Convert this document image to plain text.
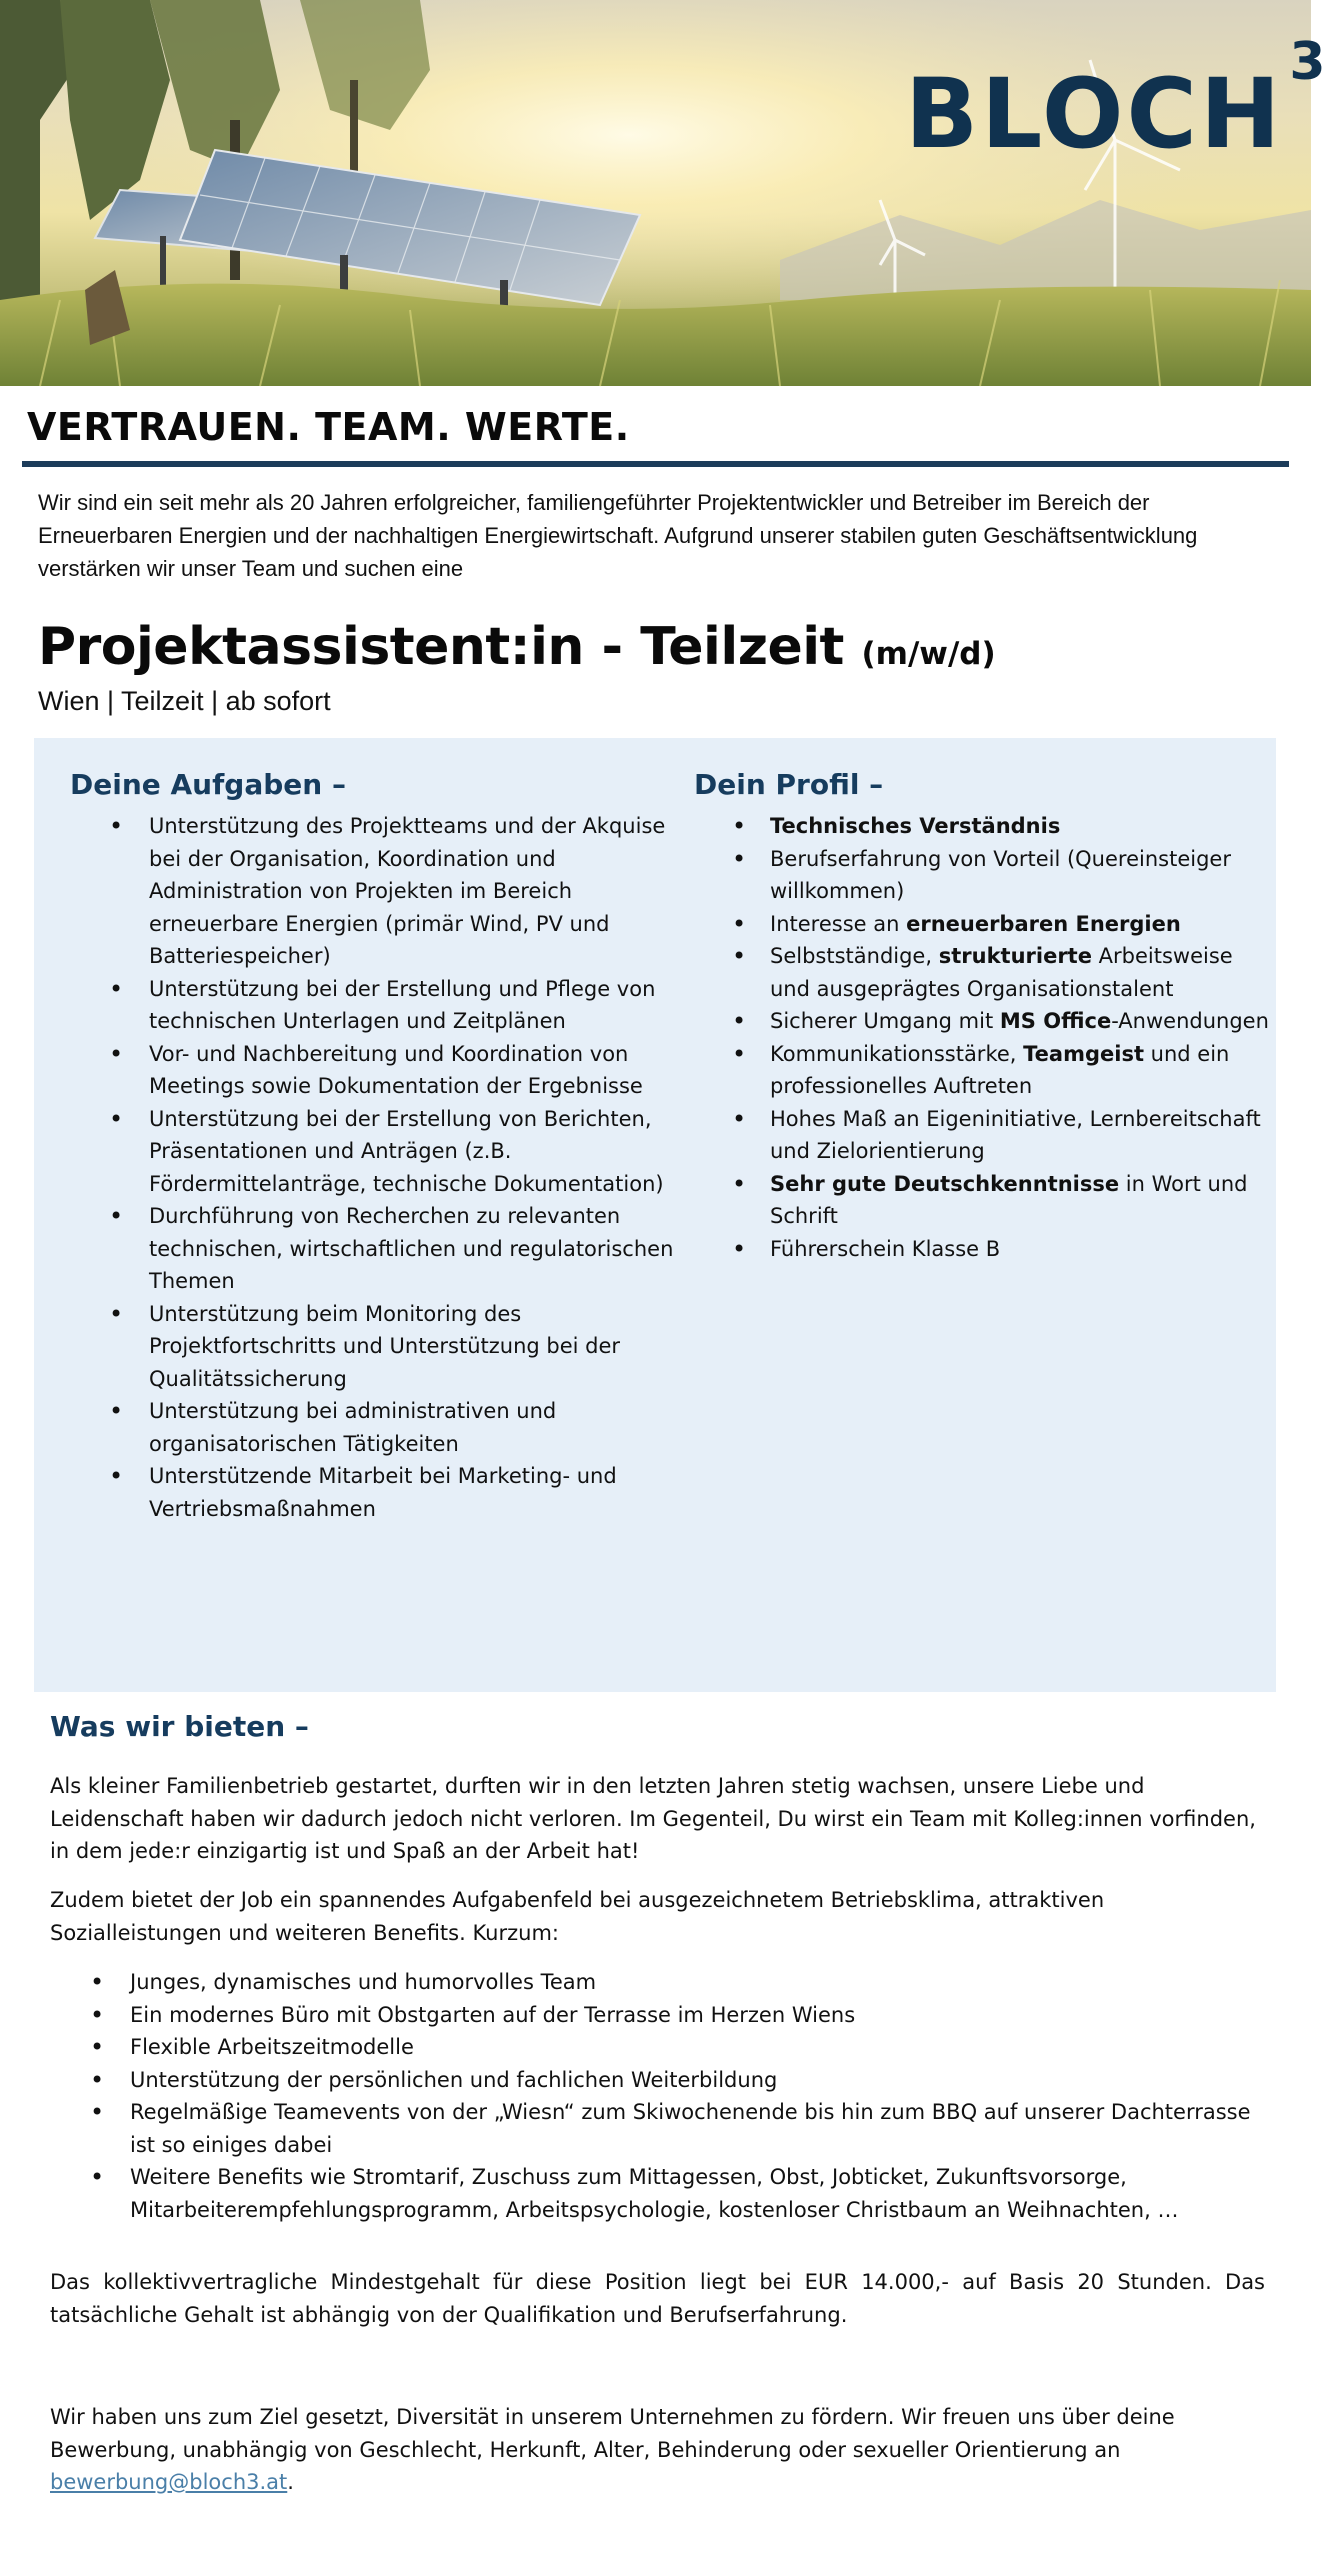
BLOCH 3
VERTRAUEN. TEAM. WERTE.

Wir sind ein seit mehr als 20 Jahren erfolgreicher, familiengeführter Projektentwickler und Betreiber im Bereich der Erneuerbaren Energien und der nachhaltigen Energiewirtschaft. Aufgrund unserer stabilen guten Geschäftsentwicklung verstärken wir unser Team und suchen eine

Projektassistent:in - Teilzeit (m/w/d)
Wien | Teilzeit | ab sofort
Deine Aufgaben –
• Unterstützung des Projektteams und der Akquise bei der Organisation, Koordination und Administration von Projekten im Bereich erneuerbare Energien (primär Wind, PV und Batteriespeicher)
• Unterstützung bei der Erstellung und Pflege von technischen Unterlagen und Zeitplänen
• Vor- und Nachbereitung und Koordination von Meetings sowie Dokumentation der Ergebnisse
• Unterstützung bei der Erstellung von Berichten, Präsentationen und Anträgen (z.B. Fördermittelanträge, technische Dokumentation)
• Durchführung von Recherchen zu relevanten technischen, wirtschaftlichen und regulatorischen Themen
• Unterstützung beim Monitoring des Projektfortschritts und Unterstützung bei der Qualitätssicherung
• Unterstützung bei administrativen und organisatorischen Tätigkeiten
• Unterstützende Mitarbeit bei Marketing- und Vertriebsmaßnahmen
Dein Profil –
• Technisches Verständnis
• Berufserfahrung von Vorteil (Quereinsteiger willkommen)
• Interesse an erneuerbaren Energien
• Selbstständige, strukturierte Arbeitsweise und ausgeprägtes Organisationstalent
• Sicherer Umgang mit MS Office-Anwendungen
• Kommunikationsstärke, Teamgeist und ein professionelles Auftreten
• Hohes Maß an Eigeninitiative, Lernbereitschaft und Zielorientierung
• Sehr gute Deutschkenntnisse in Wort und Schrift
• Führerschein Klasse B
Was wir bieten –

Als kleiner Familienbetrieb gestartet, durften wir in den letzten Jahren stetig wachsen, unsere Liebe und Leidenschaft haben wir dadurch jedoch nicht verloren. Im Gegenteil, Du wirst ein Team mit Kolleg:innen vorfinden, in dem jede:r einzigartig ist und Spaß an der Arbeit hat!

Zudem bietet der Job ein spannendes Aufgabenfeld bei ausgezeichnetem Betriebsklima, attraktiven Sozialleistungen und weiteren Benefits. Kurzum:

• Junges, dynamisches und humorvolles Team
• Ein modernes Büro mit Obstgarten auf der Terrasse im Herzen Wiens
• Flexible Arbeitszeitmodelle
• Unterstützung der persönlichen und fachlichen Weiterbildung
• Regelmäßige Teamevents von der „Wiesn“ zum Skiwochenende bis hin zum BBQ auf unserer Dachterrasse ist so einiges dabei
• Weitere Benefits wie Stromtarif, Zuschuss zum Mittagessen, Obst, Jobticket, Zukunftsvorsorge, Mitarbeiterempfehlungsprogramm, Arbeitspsychologie, kostenloser Christbaum an Weihnachten, …

Das kollektivvertragliche Mindestgehalt für diese Position liegt bei EUR 14.000,- auf Basis 20 Stunden. Das tatsächliche Gehalt ist abhängig von der Qualifikation und Berufserfahrung.

Wir haben uns zum Ziel gesetzt, Diversität in unserem Unternehmen zu fördern. Wir freuen uns über deine Bewerbung, unabhängig von Geschlecht, Herkunft, Alter, Behinderung oder sexueller Orientierung an bewerbung@bloch3.at.
